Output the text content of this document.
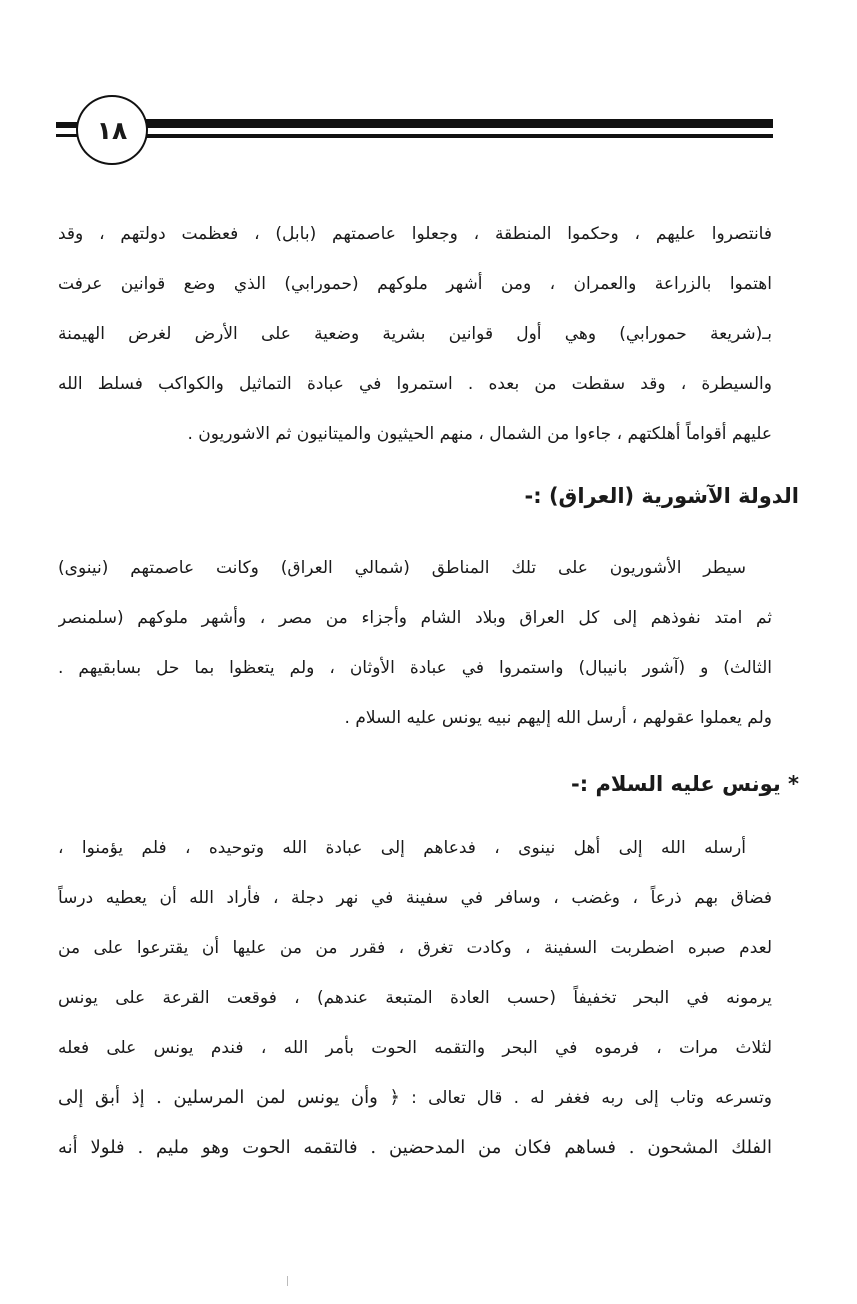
١٨
فانتصروا عليهم ، وحكموا المنطقة ، وجعلوا عاصمتهم (بابل) ، فعظمت دولتهم ، وقد
اهتموا بالزراعة والعمران ، ومن أشهر ملوكهم (حمورابي) الذي وضع قوانين عرفت
بـ(شريعة حمورابي) وهي أول قوانين بشرية وضعية على الأرض لغرض الهيمنة
والسيطرة ، وقد سقطت من بعده . استمروا في عبادة التماثيل والكواكب فسلط الله
عليهم أقواماً أهلكتهم ، جاءوا من الشمال ، منهم الحيثيون والميتانيون ثم الاشوريون .
الدولة الآشورية (العراق) :-
سيطر الأشوريون على تلك المناطق (شمالي العراق) وكانت عاصمتهم (نينوى)
ثم امتد نفوذهم إلى كل العراق وبلاد الشام وأجزاء من مصر ، وأشهر ملوكهم (سلمنصر
الثالث) و (آشور بانيبال) واستمروا في عبادة الأوثان ، ولم يتعظوا بما حل بسابقيهم .
ولم يعملوا عقولهم ، أرسل الله إليهم نبيه يونس عليه السلام .
* يونس عليه السلام :-
أرسله الله إلى أهل نينوى ، فدعاهم إلى عبادة الله وتوحيده ، فلم يؤمنوا ،
فضاق بهم ذرعاً ، وغضب ، وسافر في سفينة في نهر دجلة ، فأراد الله أن يعطيه درساً
لعدم صبره اضطربت السفينة ، وكادت تغرق ، فقرر من من عليها أن يقترعوا على من
يرمونه في البحر تخفيفاً (حسب العادة المتبعة عندهم) ، فوقعت القرعة على يونس
لثلاث مرات ، فرموه في البحر والتقمه الحوت بأمر الله ، فندم يونس على فعله
وتسرعه وتاب إلى ربه فغفر له . قال تعالى : ﴿ وأن يونس لمن المرسلين . إذ أبق إلى
الفلك المشحون . فساهم فكان من المدحضين . فالتقمه الحوت وهو مليم . فلولا أنه
